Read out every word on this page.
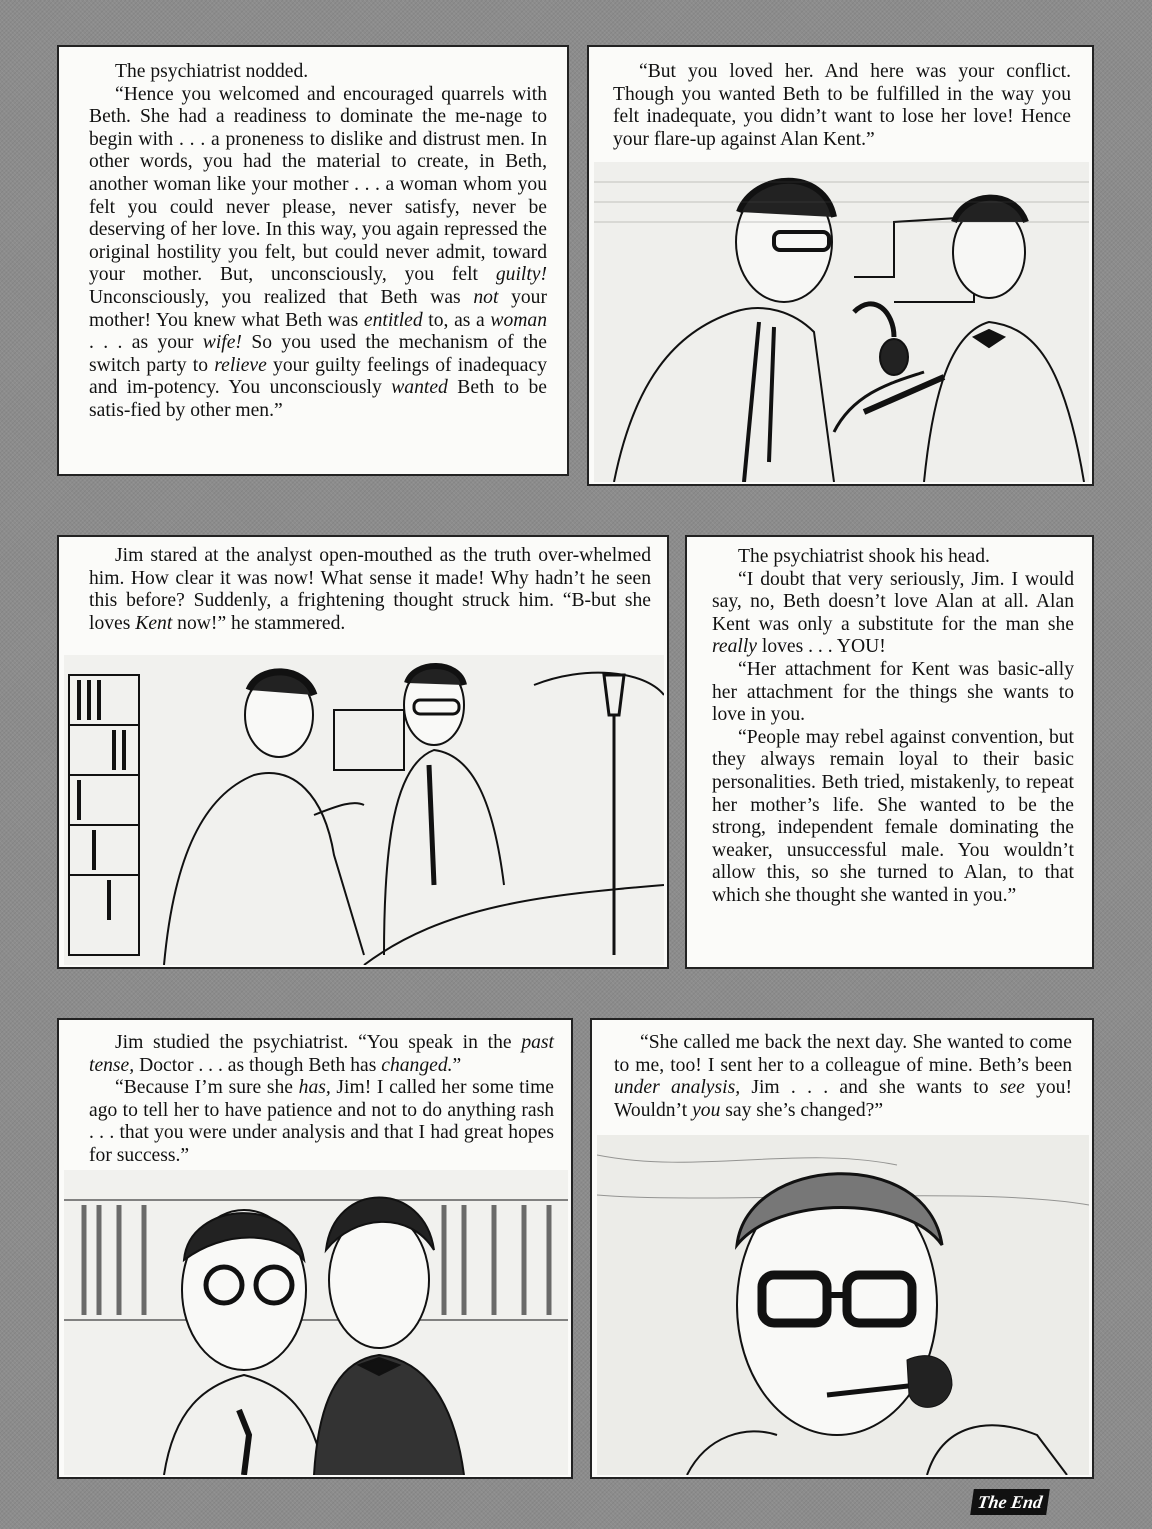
The psychiatrist nodded.

“Hence you welcomed and encouraged quarrels with Beth. She had a readiness to dominate the me-nage to begin with . . . a proneness to dislike and distrust men. In other words, you had the material to create, in Beth, another woman like your mother . . . a woman whom you felt you could never please, never satisfy, never be deserving of her love. In this way, you again repressed the original hostility you felt, but could never admit, toward your mother. But, unconsciously, you felt guilty! Unconsciously, you realized that Beth was not your mother! You knew what Beth was entitled to, as a woman . . . as your wife! So you used the mechanism of the switch party to relieve your guilty feelings of inadequacy and im-potency. You unconsciously wanted Beth to be satis-fied by other men.”

“But you loved her. And here was your conflict. Though you wanted Beth to be fulfilled in the way you felt inadequate, you didn’t want to lose her love! Hence your flare-up against Alan Kent.”

Jim stared at the analyst open-mouthed as the truth over-whelmed him. How clear it was now! What sense it made! Why hadn’t he seen this before? Suddenly, a frightening thought struck him. “B-but she loves Kent now!” he stammered.

The psychiatrist shook his head.

“I doubt that very seriously, Jim. I would say, no, Beth doesn’t love Alan at all. Alan Kent was only a substitute for the man she really loves . . . YOU!

“Her attachment for Kent was basic-ally her attachment for the things she wants to love in you.

“People may rebel against convention, but they always remain loyal to their basic personalities. Beth tried, mistakenly, to repeat her mother’s life. She wanted to be the strong, independent female dominating the weaker, unsuccessful male. You wouldn’t allow this, so she turned to Alan, to that which she thought she wanted in you.”

Jim studied the psychiatrist. “You speak in the past tense, Doctor . . . as though Beth has changed.”

“Because I’m sure she has, Jim! I called her some time ago to tell her to have patience and not to do anything rash . . . that you were under analysis and that I had great hopes for success.”

“She called me back the next day. She wanted to come to me, too! I sent her to a colleague of mine. Beth’s been under analysis, Jim . . . and she wants to see you! Wouldn’t you say she’s changed?”

The End
